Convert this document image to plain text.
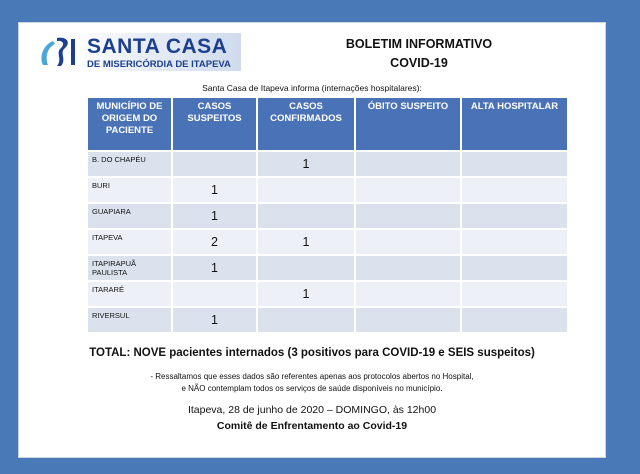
SANTA CASA
DE MISERICÓRDIA DE ITAPEVA
BOLETIM INFORMATIVO
COVID-19
Santa Casa de Itapeva informa (internações hospitalares):
MUNICÍPIO DE ORIGEM DO PACIENTE	CASOS SUSPEITOS	CASOS CONFIRMADOS	ÓBITO SUSPEITO	ALTA HOSPITALAR
B. DO CHAPÉU		1		
BURI	1			
GUAPIARA	1			
ITAPEVA	2	1		
ITAPIRAPUÃ PAULISTA	1			
ITARARÉ		1		
RIVERSUL	1			
TOTAL: NOVE pacientes internados (3 positivos para COVID-19 e SEIS suspeitos)
- Ressaltamos que esses dados são referentes apenas aos protocolos abertos no Hospital,
e NÃO contemplam todos os serviços de saúde disponíveis no município.
Itapeva, 28 de junho de 2020 – DOMINGO, às 12h00
Comitê de Enfrentamento ao Covid-19
